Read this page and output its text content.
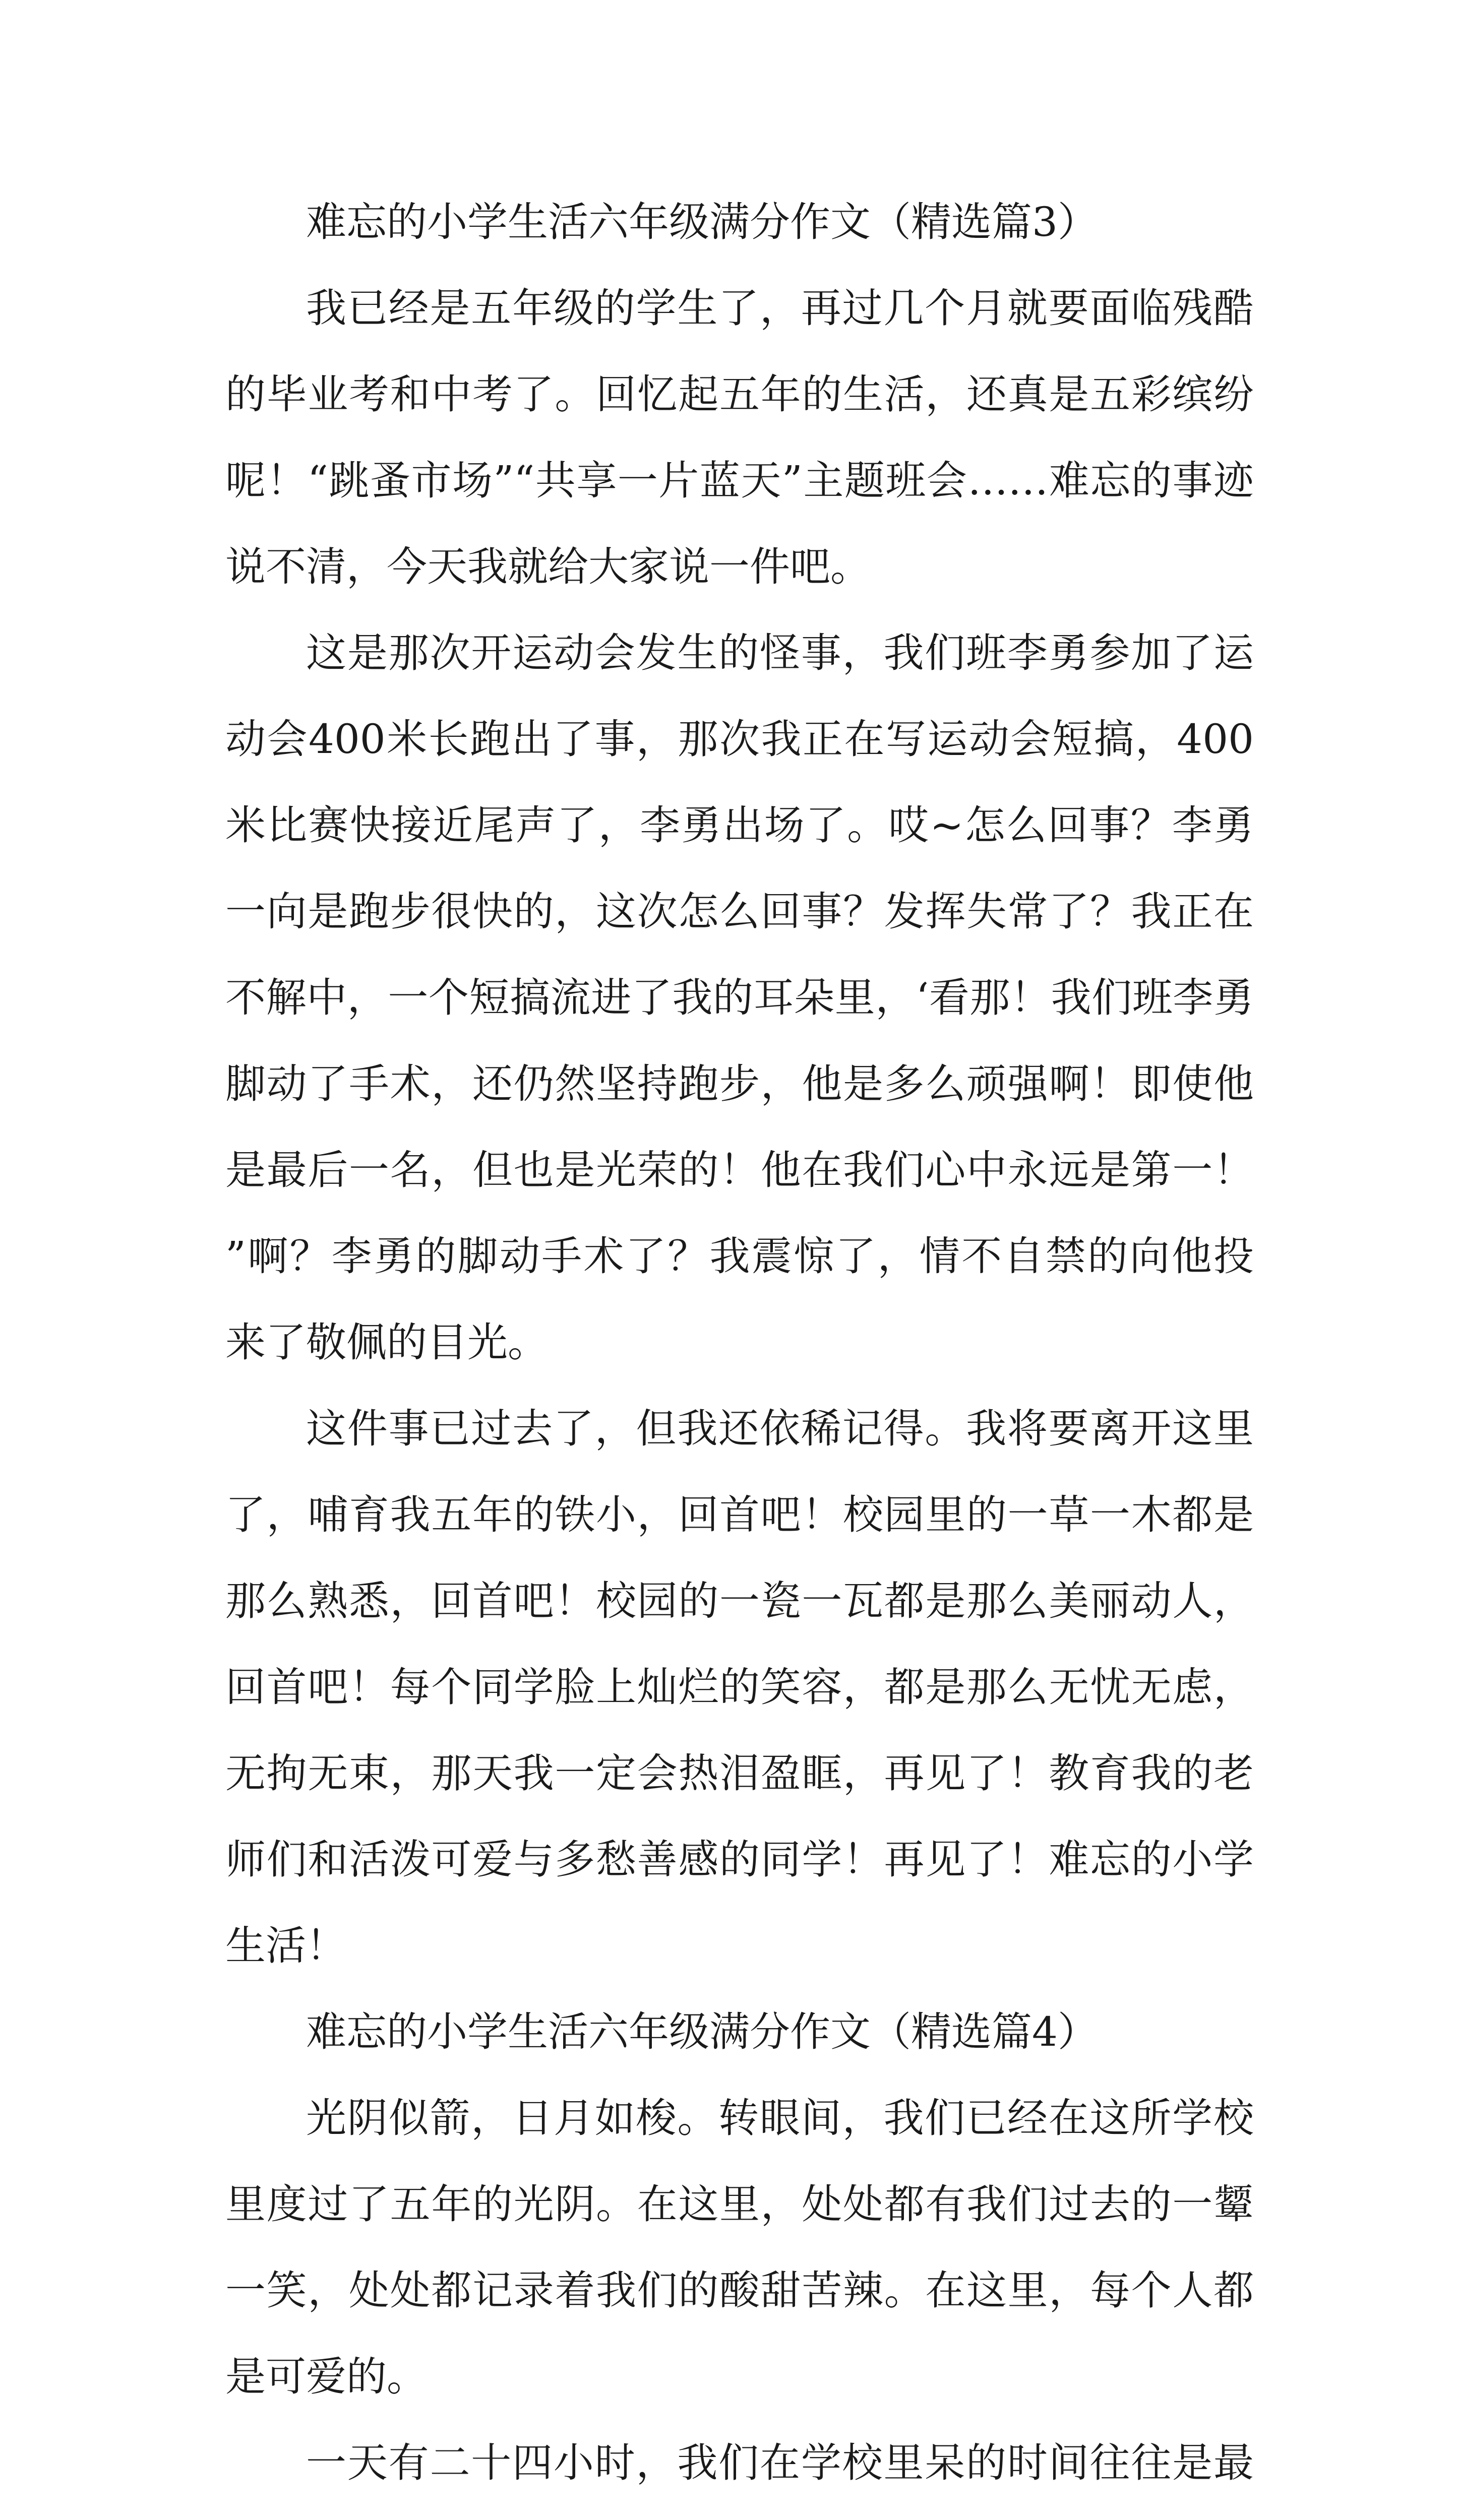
难忘的小学生活六年级满分作文（精选篇3）

我已经是五年级的学生了，再过几个月就要面临残酷的毕业考和中考了。回忆起五年的生活，还真是五彩缤纷呢！“跳蚤市场”“共享一片蓝天”主题班会……难忘的事迹说不清，今天我就给大家说一件吧。

这是那次开运动会发生的怪事，我们班李勇参加了运动会400米长跑出了事，那次我正在写运动会短搞，400米比赛快接近尾声了，李勇出场了。哎~怎么回事？李勇一向是跑步很快的，这次怎么回事？发挥失常了？我正在不解中，一个短搞流进了我的耳朵里，‘看那！我们班李勇脚动了手术，还仍然坚持跑步，他是多么顽强啊！即使他是最后一名，但也是光荣的！他在我们心中永远是第一！”啊？李勇的脚动手术了？我震惊了，情不自禁的向他投来了敬佩的目光。

这件事已过去了，但我还依稀记得。我将要离开这里了，哺育我五年的铁小，回首吧！校园里的一草一木都是那么熟悉，回首吧！校园的一瓷一瓦都是那么美丽动人，回首吧！每个同学脸上灿烂的笑容，都是那么无忧无虑，无拘无束，那天我一定会热泪盈眶，再见了！教育我的老师们和活泼可爱与多愁善感的同学！再见了！难忘的小学生活！

难忘的小学生活六年级满分作文（精选篇4）

光阴似箭，日月如梭。转眼间，我们已经在这所学校里度过了五年的光阴。在这里，处处都有我们过去的一颦一笑，处处都记录着我们的酸甜苦辣。在这里，每个人都是可爱的。

一天有二十四小时，我们在学校里呆的时间往往是最
